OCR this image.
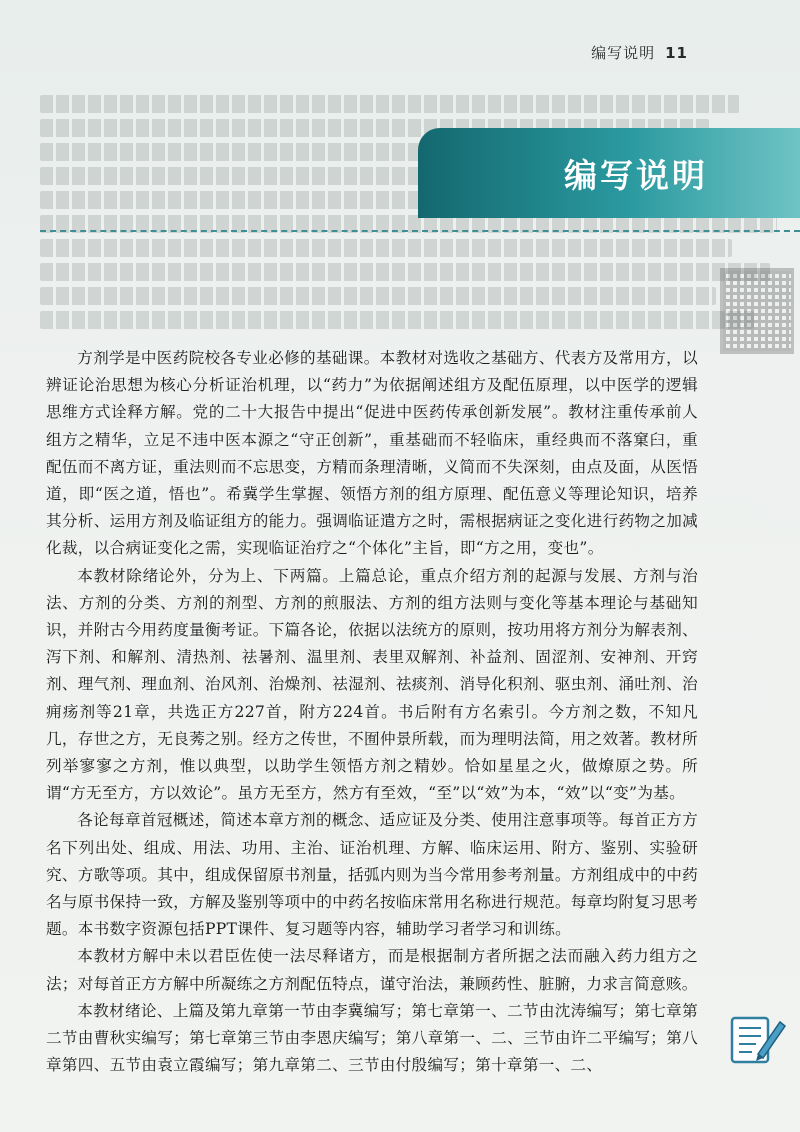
编写说明 11
编写说明

方剂学是中医药院校各专业必修的基础课。本教材对选收之基础方、代表方及常用方，以辨证论治思想为核心分析证治机理，以“药力”为依据阐述组方及配伍原理，以中医学的逻辑思维方式诠释方解。党的二十大报告中提出“促进中医药传承创新发展”。教材注重传承前人组方之精华，立足不违中医本源之“守正创新”，重基础而不轻临床，重经典而不落窠臼，重配伍而不离方证，重法则而不忘思变，方精而条理清晰，义简而不失深刻，由点及面，从医悟道，即“医之道，悟也”。希冀学生掌握、领悟方剂的组方原理、配伍意义等理论知识，培养其分析、运用方剂及临证组方的能力。强调临证遣方之时，需根据病证之变化进行药物之加减化裁，以合病证变化之需，实现临证治疗之“个体化”主旨，即“方之用，变也”。

本教材除绪论外，分为上、下两篇。上篇总论，重点介绍方剂的起源与发展、方剂与治法、方剂的分类、方剂的剂型、方剂的煎服法、方剂的组方法则与变化等基本理论与基础知识，并附古今用药度量衡考证。下篇各论，依据以法统方的原则，按功用将方剂分为解表剂、泻下剂、和解剂、清热剂、祛暑剂、温里剂、表里双解剂、补益剂、固涩剂、安神剂、开窍剂、理气剂、理血剂、治风剂、治燥剂、祛湿剂、祛痰剂、消导化积剂、驱虫剂、涌吐剂、治痈疡剂等21章，共选正方227首，附方224首。书后附有方名索引。今方剂之数，不知凡几，存世之方，无良莠之别。经方之传世，不囿仲景所载，而为理明法简，用之效著。教材所列举寥寥之方剂，惟以典型，以助学生领悟方剂之精妙。恰如星星之火，做燎原之势。所谓“方无至方，方以效论”。虽方无至方，然方有至效，“至”以“效”为本，“效”以“变”为基。

各论每章首冠概述，简述本章方剂的概念、适应证及分类、使用注意事项等。每首正方方名下列出处、组成、用法、功用、主治、证治机理、方解、临床运用、附方、鉴别、实验研究、方歌等项。其中，组成保留原书剂量，括弧内则为当今常用参考剂量。方剂组成中的中药名与原书保持一致，方解及鉴别等项中的中药名按临床常用名称进行规范。每章均附复习思考题。本书数字资源包括PPT课件、复习题等内容，辅助学习者学习和训练。

本教材方解中未以君臣佐使一法尽释诸方，而是根据制方者所据之法而融入药力组方之法；对每首正方方解中所凝练之方剂配伍特点，谨守治法，兼顾药性、脏腑，力求言简意赅。

本教材绪论、上篇及第九章第一节由李冀编写；第七章第一、二节由沈涛编写；第七章第二节由曹秋实编写；第七章第三节由李恩庆编写；第八章第一、二、三节由许二平编写；第八章第四、五节由袁立霞编写；第九章第二、三节由付殷编写；第十章第一、二、
